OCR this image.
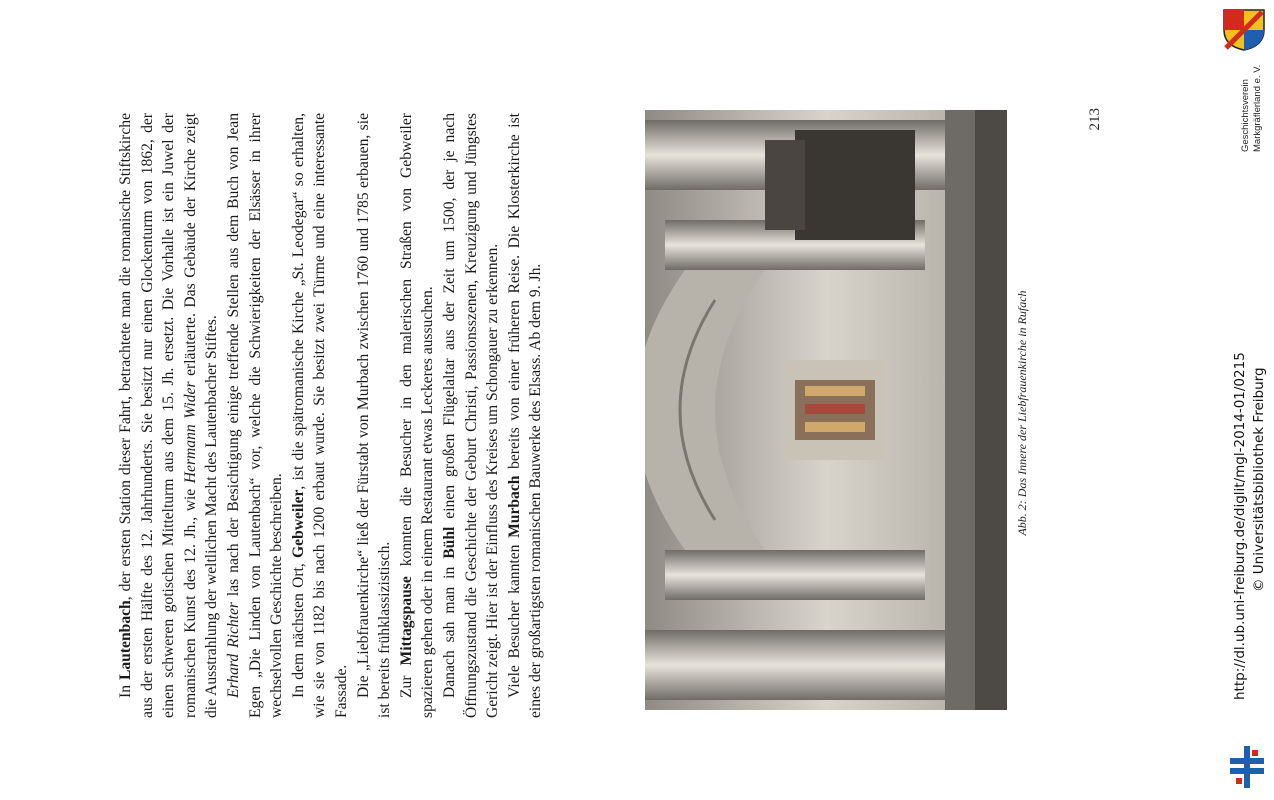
In Lautenbach, der ersten Station dieser Fahrt, betrachtete man die romanische Stiftskirche aus der ersten Hälfte des 12. Jahrhunderts. Sie besitzt nur einen Glockenturm von 1862, der einen schweren gotischen Mittelturm aus dem 15. Jh. ersetzt. Die Vorhalle ist ein Juwel der romanischen Kunst des 12. Jh., wie Hermann Wider erläuterte. Das Gebäude der Kirche zeigt die Ausstrahlung der weltlichen Macht des Lautenbacher Stiftes. Erhard Richter las nach der Besichtigung einige treffende Stellen aus dem Buch von Jean Egen „Die Linden von Lautenbach“ vor, welche die Schwierigkeiten der Elsässer in ihrer wechselvollen Geschichte beschreiben. In dem nächsten Ort, Gebweiler, ist die spätromanische Kirche „St. Leodegar“ so erhalten, wie sie von 1182 bis nach 1200 erbaut wurde. Sie besitzt zwei Türme und eine interessante Fassade. Die „Liebfrauenkirche“ ließ der Fürstabt von Murbach zwischen 1760 und 1785 erbauen, sie ist bereits frühklassizistisch. Zur Mittagspause konnten die Besucher in den malerischen Straßen von Gebweiler spazieren gehen oder in einem Restaurant etwas Leckeres aussuchen. Danach sah man in Bühl einen großen Flügelaltar aus der Zeit um 1500, der je nach Öffnungszustand die Geschichte der Geburt Christi, Passionsszenen, Kreuzigung und Jüngstes Gericht zeigt. Hier ist der Einfluss des Kreises um Schongauer zu erkennen. Viele Besucher kannten Murbach bereits von einer früheren Reise. Die Klosterkirche ist eines der großartigsten romanischen Bauwerke des Elsass. Ab dem 9. Jh.	Abb. 2: Das Innere der Liebfrauenkirche in Rufach
213	Geschichtsverein Markgräflerland e. V.
http://dl.ub.uni-freiburg.de/diglit/mgl-2014-01/0215 © Universitätsbibliothek Freiburg
